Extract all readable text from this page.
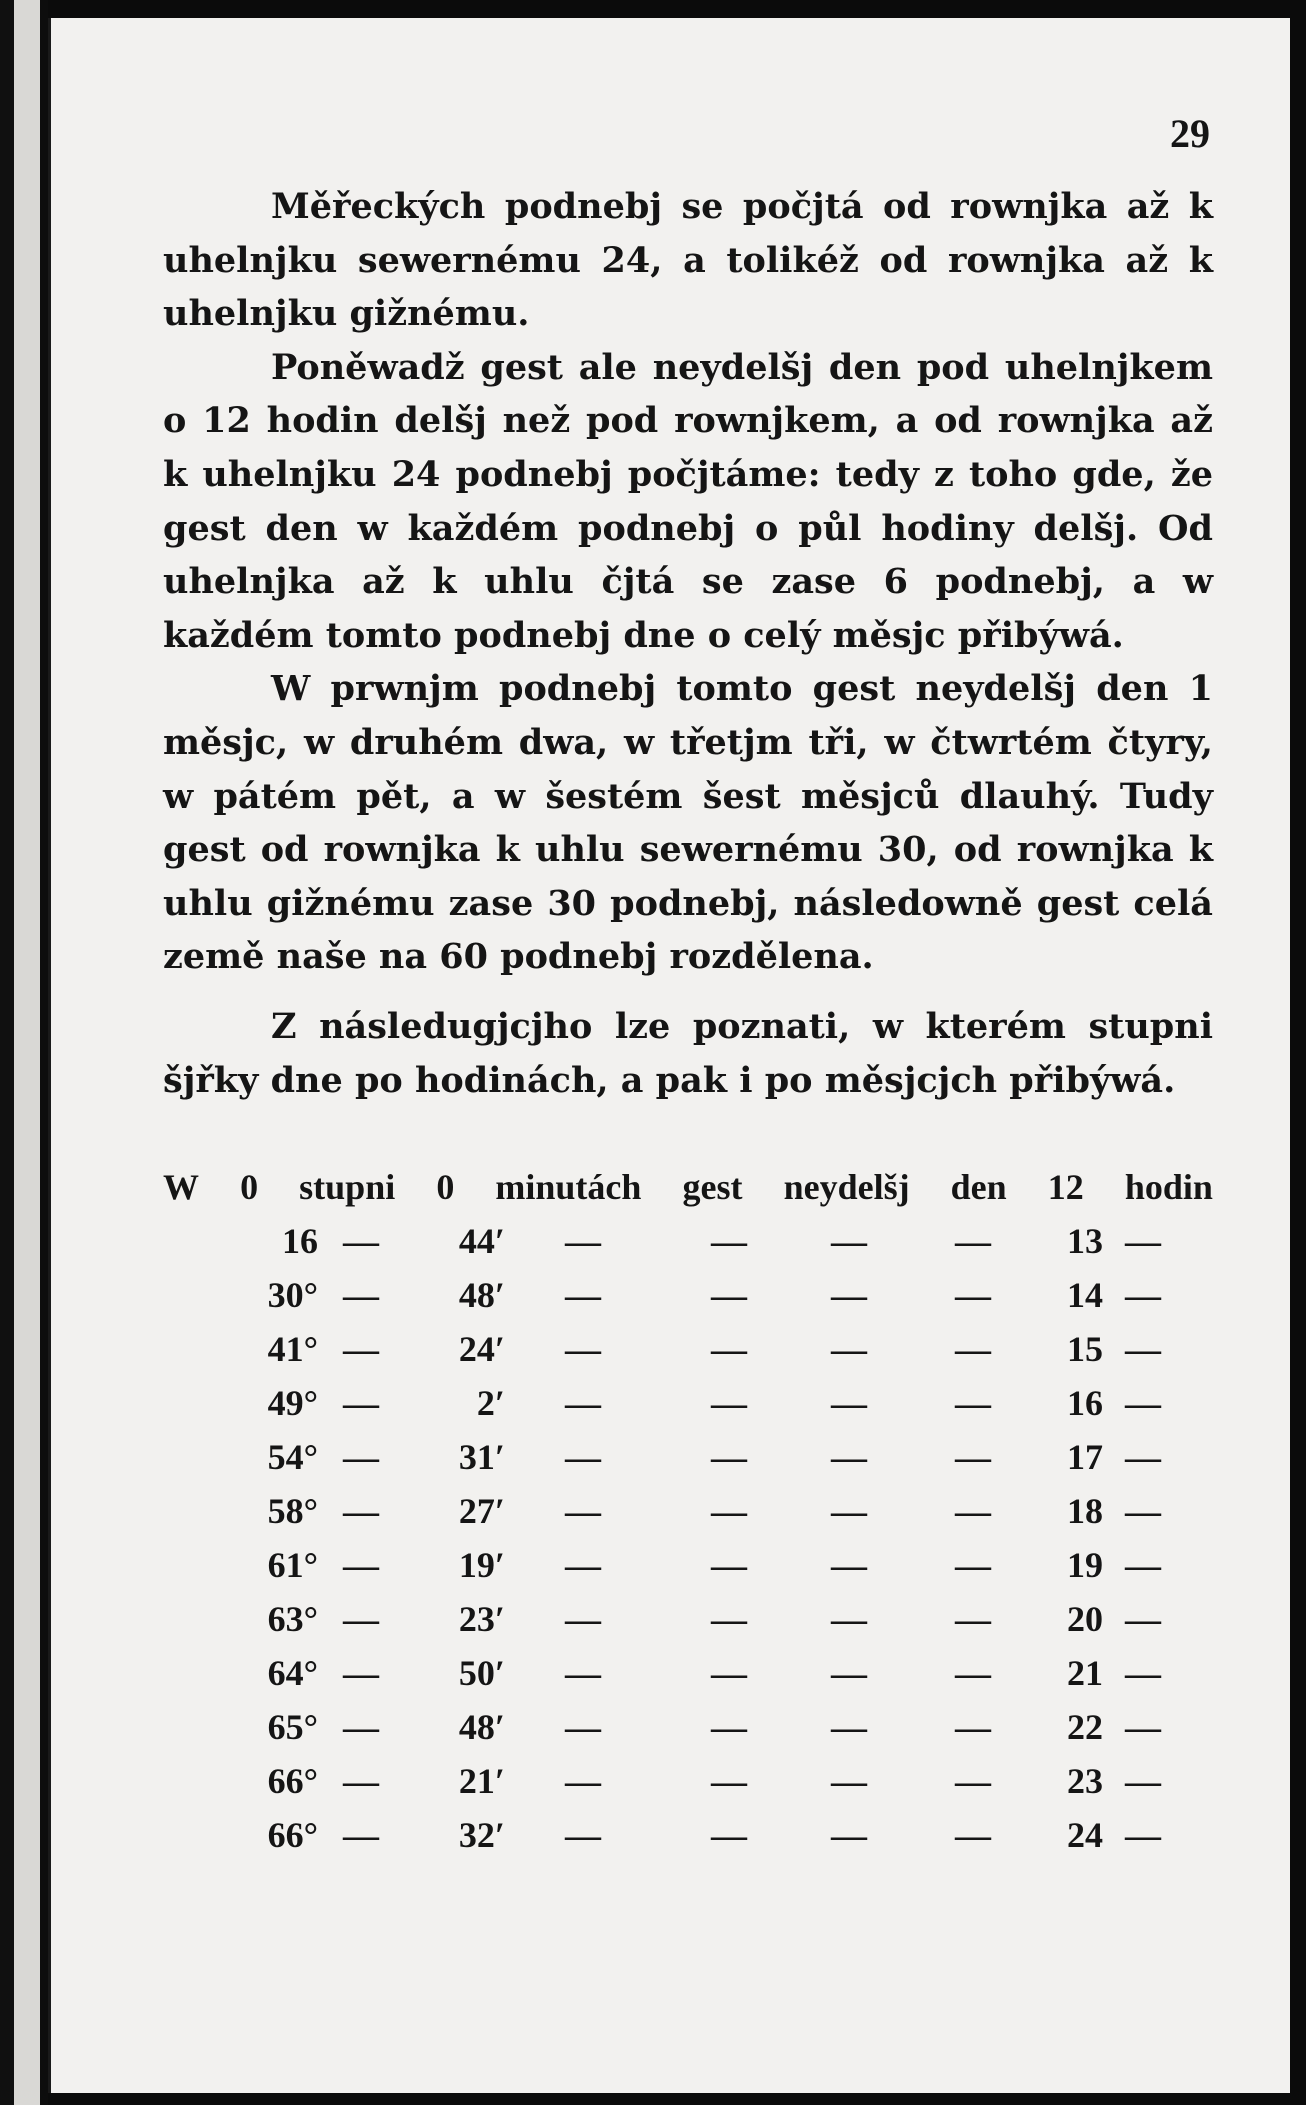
29

Měřeckých podnebj se počjtá od rownjka až k uhelnjku sewernému 24, a tolikéž od rownjka až k uhelnjku gižnému.

Poněwadž gest ale neydelšj den pod uhelnjkem o 12 hodin delšj než pod rownjkem, a od rownjka až k uhelnjku 24 podnebj počjtáme: tedy z toho gde, že gest den w každém podnebj o půl hodiny delšj. Od uhelnjka až k uhlu čjtá se zase 6 podnebj, a w každém tomto podnebj dne o celý měsjc přibýwá.

W prwnjm podnebj tomto gest neydelšj den 1 měsjc, w druhém dwa, w třetjm tři, w čtwrtém čtyry, w pátém pět, a w šestém šest měsjců dlauhý. Tudy gest od rownjka k uhlu sewernému 30, od rownjka k uhlu gižnému zase 30 podnebj, následowně gest celá země naše na 60 podnebj rozdělena.

Z následugjcjho lze poznati, w kterém stupni šjřky dne po hodinách, a pak i po měsjcjch přibýwá.

W 0 stupni 0 minutách gest neydelšj den 12 hodin
16 —	44′ —	— — —	13 —
30° —	48′ —	— — —	14 —
41° —	24′ —	— — —	15 —
49° —	2′ —	— — —	16 —
54° —	31′ —	— — —	17 —
58° —	27′ —	— — —	18 —
61° —	19′ —	— — —	19 —
63° —	23′ —	— — —	20 —
64° —	50′ —	— — —	21 —
65° —	48′ —	— — —	22 —
66° —	21′ —	— — —	23 —
66° —	32′ —	— — —	24 —
